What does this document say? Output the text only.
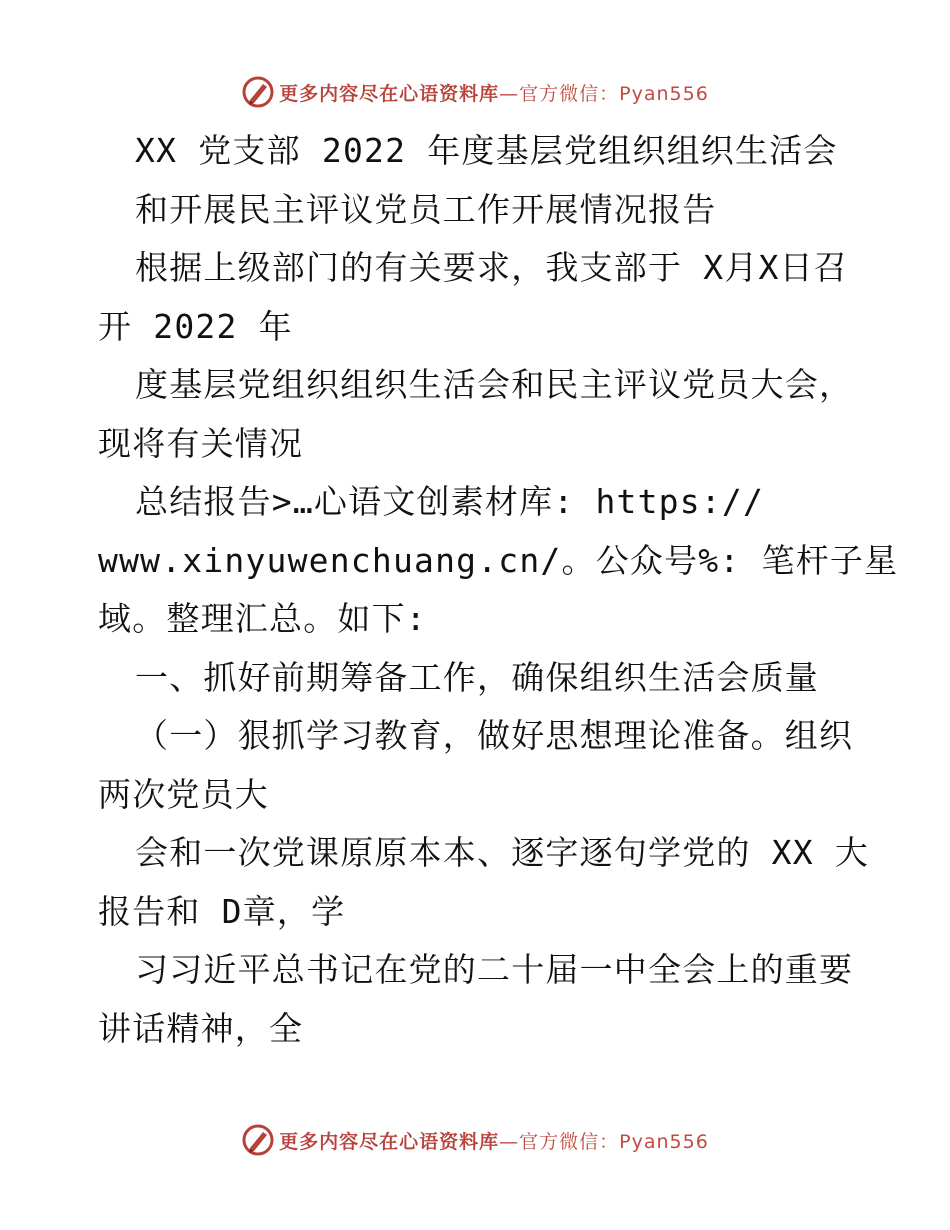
更多内容尽在心语资料库 —官方微信：Pyan556
XX 党支部 2022 年度基层党组织组织生活会
和开展民主评议党员工作开展情况报告
根据上级部门的有关要求，我支部于 X月X日召
开 2022 年
度基层党组织组织生活会和民主评议党员大会，
现将有关情况
总结报告>…心语文创素材库: https://
www.xinyuwenchuang.cn/。公众号%: 笔杆子星
域。整理汇总。如下:
一、抓好前期筹备工作，确保组织生活会质量
（一）狠抓学习教育，做好思想理论准备。组织
两次党员大
会和一次党课原原本本、逐字逐句学党的 XX 大
报告和 D章，学
习习近平总书记在党的二十届一中全会上的重要
讲话精神，全
更多内容尽在心语资料库 —官方微信：Pyan556
